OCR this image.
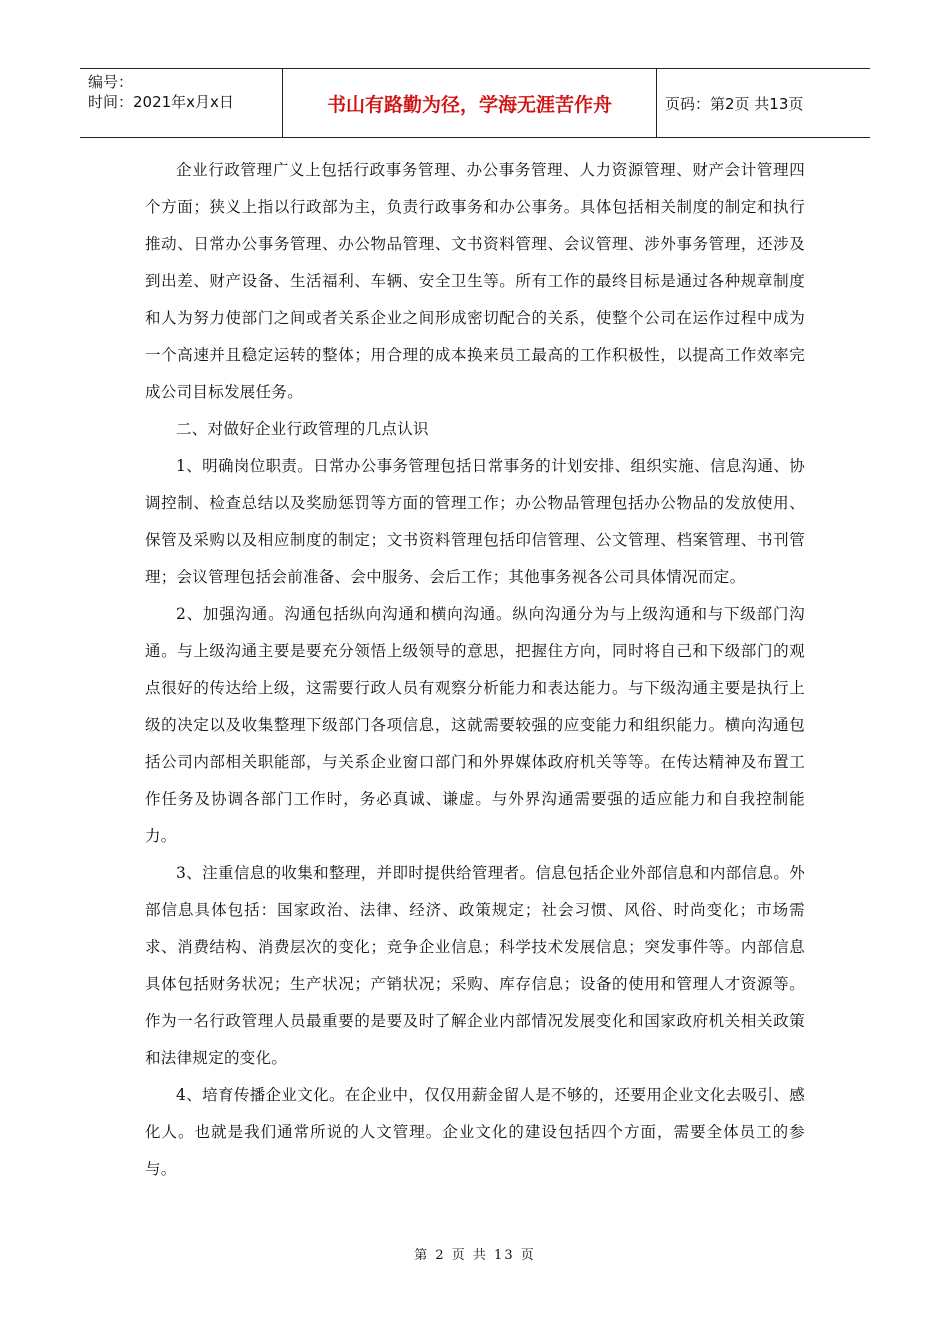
编号：
时间：2021年x月x日	书山有路勤为径，学海无涯苦作舟	页码：第2页 共13页

企业行政管理广义上包括行政事务管理、办公事务管理、人力资源管理、财产会计管理四个方面；狭义上指以行政部为主，负责行政事务和办公事务。具体包括相关制度的制定和执行推动、日常办公事务管理、办公物品管理、文书资料管理、会议管理、涉外事务管理，还涉及到出差、财产设备、生活福利、车辆、安全卫生等。所有工作的最终目标是通过各种规章制度和人为努力使部门之间或者关系企业之间形成密切配合的关系，使整个公司在运作过程中成为一个高速并且稳定运转的整体；用合理的成本换来员工最高的工作积极性，以提高工作效率完成公司目标发展任务。

二、对做好企业行政管理的几点认识

1、明确岗位职责。日常办公事务管理包括日常事务的计划安排、组织实施、信息沟通、协调控制、检查总结以及奖励惩罚等方面的管理工作；办公物品管理包括办公物品的发放使用、保管及采购以及相应制度的制定；文书资料管理包括印信管理、公文管理、档案管理、书刊管理；会议管理包括会前准备、会中服务、会后工作；其他事务视各公司具体情况而定。

2、加强沟通。沟通包括纵向沟通和横向沟通。纵向沟通分为与上级沟通和与下级部门沟通。与上级沟通主要是要充分领悟上级领导的意思，把握住方向，同时将自己和下级部门的观点很好的传达给上级，这需要行政人员有观察分析能力和表达能力。与下级沟通主要是执行上级的决定以及收集整理下级部门各项信息，这就需要较强的应变能力和组织能力。横向沟通包括公司内部相关职能部，与关系企业窗口部门和外界媒体政府机关等等。在传达精神及布置工作任务及协调各部门工作时，务必真诚、谦虚。与外界沟通需要强的适应能力和自我控制能力。

3、注重信息的收集和整理，并即时提供给管理者。信息包括企业外部信息和内部信息。外部信息具体包括：国家政治、法律、经济、政策规定；社会习惯、风俗、时尚变化；市场需求、消费结构、消费层次的变化；竞争企业信息；科学技术发展信息；突发事件等。内部信息具体包括财务状况；生产状况；产销状况；采购、库存信息；设备的使用和管理人才资源等。作为一名行政管理人员最重要的是要及时了解企业内部情况发展变化和国家政府机关相关政策和法律规定的变化。

4、培育传播企业文化。在企业中，仅仅用薪金留人是不够的，还要用企业文化去吸引、感化人。也就是我们通常所说的人文管理。企业文化的建设包括四个方面，需要全体员工的参与。

第 2 页 共 13 页
